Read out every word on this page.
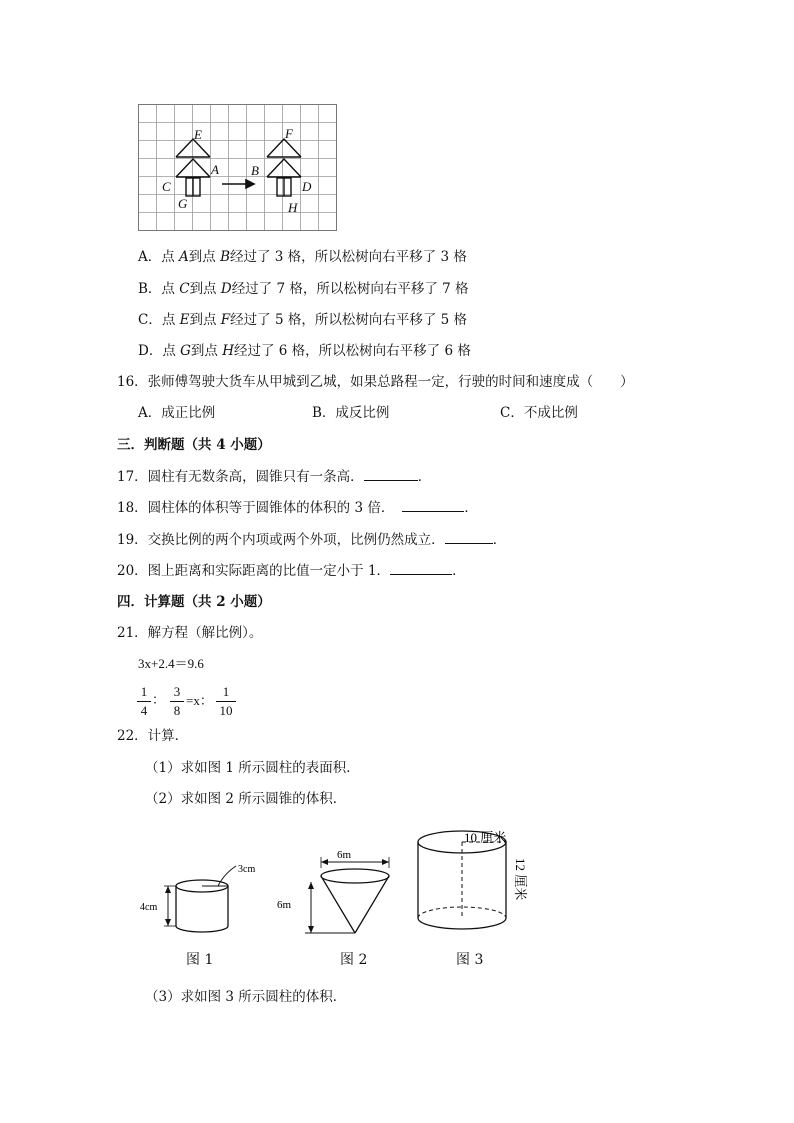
E
A
C
G
F
B
D
H
A．点 A到点 B经过了 3 格，所以松树向右平移了 3 格
B．点 C到点 D经过了 7 格，所以松树向右平移了 7 格
C．点 E到点 F经过了 5 格，所以松树向右平移了 5 格
D．点 G到点 H经过了 6 格，所以松树向右平移了 6 格
16．张师傅驾驶大货车从甲城到乙城，如果总路程一定，行驶的时间和速度成（　　）
A．成正比例	B．成反比例	C．不成比例
三．判断题（共 4 小题）
17．圆柱有无数条高，圆锥只有一条高．	．
18．圆柱体的体积等于圆锥体的体积的 3 倍．	．
19．交换比例的两个内项或两个外项，比例仍然成立．	．
20．图上距离和实际距离的比值一定小于 1．	．
四．计算题（共 2 小题）
21．解方程（解比例）。
3x+2.4＝9.6
1
4
：
3
8
=x：
1
10
22．计算．
（1）求如图 1 所示圆柱的表面积．
（2）求如图 2 所示圆锥的体积．
3cm
4cm
图 1
6m
6m
图 2
10 厘米
12 厘米
图 3
（3）求如图 3 所示圆柱的体积．
